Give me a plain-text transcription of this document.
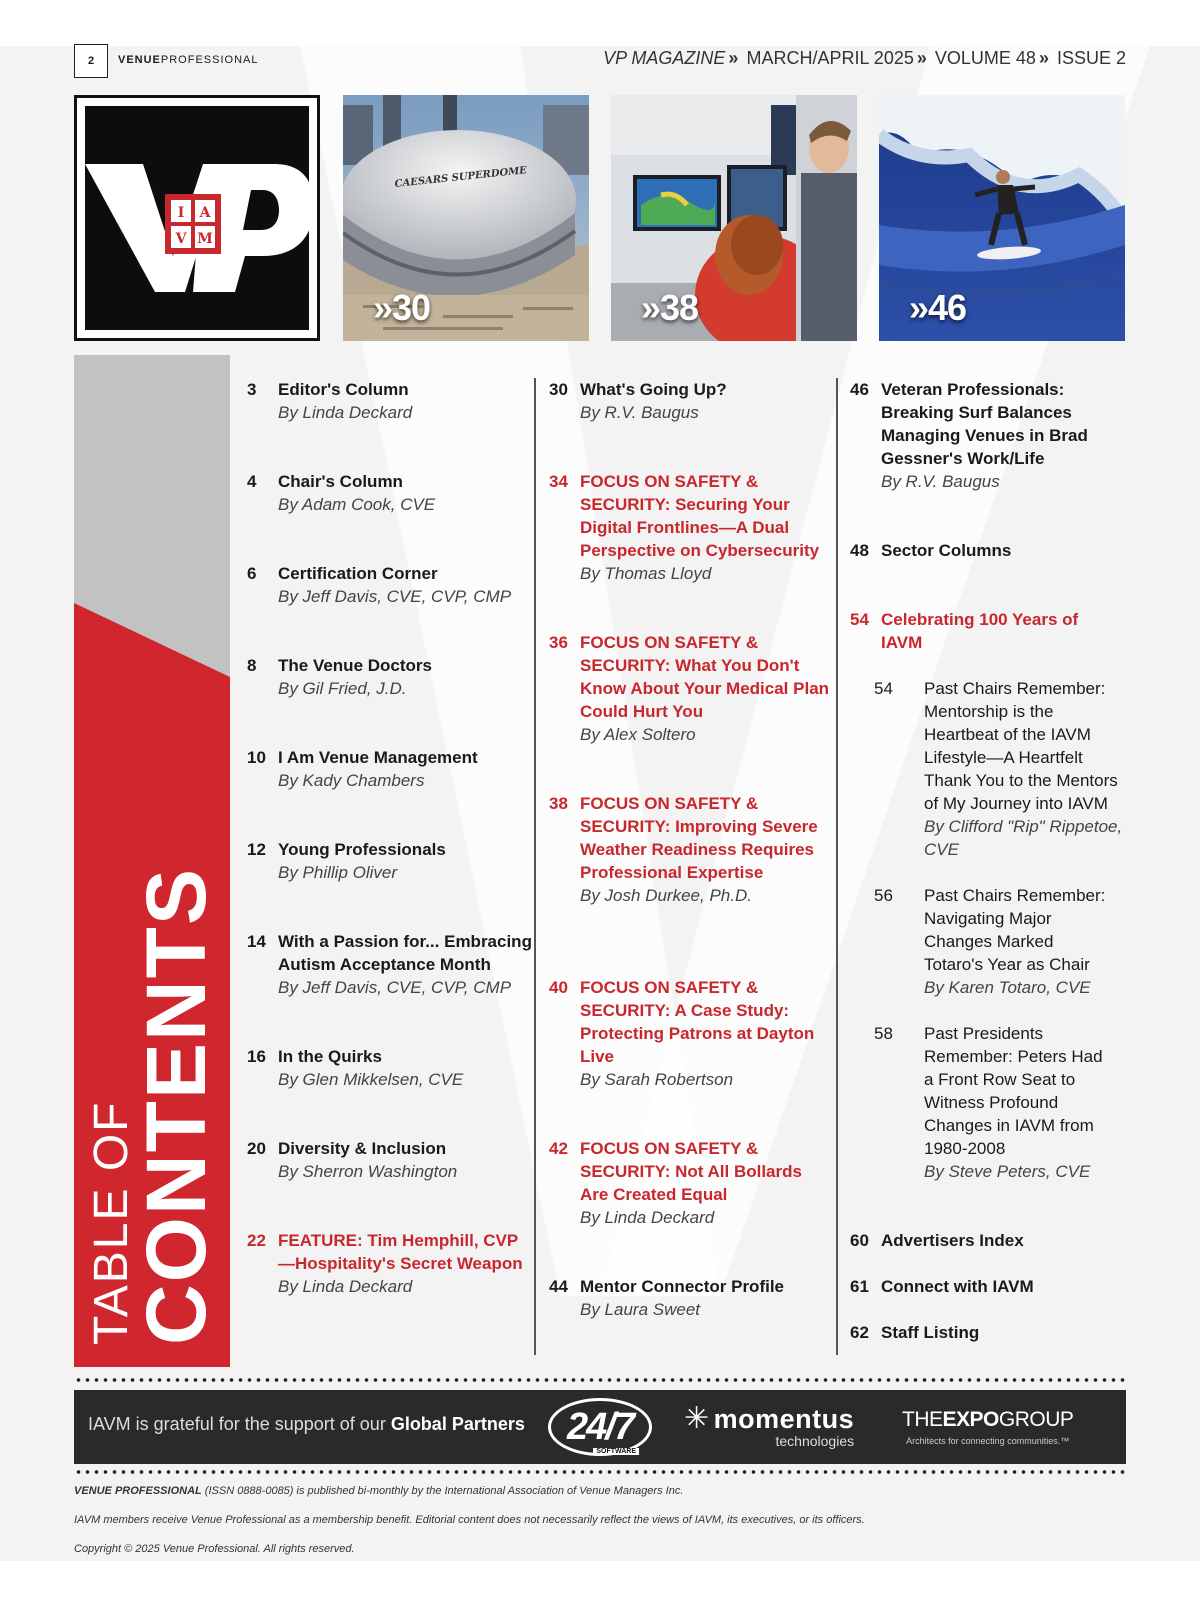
2	VENUEPROFESSIONAL	VP MAGAZINE » MARCH/APRIL 2025 » VOLUME 48 » ISSUE 2
I A
V M
CAESARS SUPERDOME
»30	»38	»46
TABLE OF
CONTENTS
3 Editor's Column
By Linda Deckard
4 Chair's Column
By Adam Cook, CVE
6 Certification Corner
By Jeff Davis, CVE, CVP, CMP
8 The Venue Doctors
By Gil Fried, J.D.
10 I Am Venue Management
By Kady Chambers
12 Young Professionals
By Phillip Oliver
14 With a Passion for... Embracing Autism Acceptance Month
By Jeff Davis, CVE, CVP, CMP
16 In the Quirks
By Glen Mikkelsen, CVE
20 Diversity & Inclusion
By Sherron Washington
22 FEATURE: Tim Hemphill, CVP—Hospitality's Secret Weapon
By Linda Deckard
30 What's Going Up?
By R.V. Baugus
34 FOCUS ON SAFETY & SECURITY: Securing Your Digital Frontlines—A Dual Perspective on Cybersecurity
By Thomas Lloyd
36 FOCUS ON SAFETY & SECURITY: What You Don't Know About Your Medical Plan Could Hurt You
By Alex Soltero
38 FOCUS ON SAFETY & SECURITY: Improving Severe Weather Readiness Requires Professional Expertise
By Josh Durkee, Ph.D.
40 FOCUS ON SAFETY & SECURITY: A Case Study: Protecting Patrons at Dayton Live
By Sarah Robertson
42 FOCUS ON SAFETY & SECURITY: Not All Bollards Are Created Equal
By Linda Deckard
44 Mentor Connector Profile
By Laura Sweet
46 Veteran Professionals: Breaking Surf Balances Managing Venues in Brad Gessner's Work/Life
By R.V. Baugus
48 Sector Columns
54 Celebrating 100 Years of IAVM
54 Past Chairs Remember: Mentorship is the Heartbeat of the IAVM Lifestyle—A Heartfelt Thank You to the Mentors of My Journey into IAVM
By Clifford "Rip" Rippetoe, CVE
56 Past Chairs Remember: Navigating Major Changes Marked Totaro's Year as Chair
By Karen Totaro, CVE
58 Past Presidents Remember: Peters Had a Front Row Seat to Witness Profound Changes in IAVM from 1980-2008
By Steve Peters, CVE
60 Advertisers Index
61 Connect with IAVM
62 Staff Listing
IAVM is grateful for the support of our Global Partners 24/7
SOFTWARE
✳ momentus
technologies
THEEXPOGROUP
Architects for connecting communities.™
VENUE PROFESSIONAL (ISSN 0888-0085) is published bi-monthly by the International Association of Venue Managers Inc.
IAVM members receive Venue Professional as a membership benefit. Editorial content does not necessarily reflect the views of IAVM, its executives, or its officers.
Copyright © 2025 Venue Professional. All rights reserved.
